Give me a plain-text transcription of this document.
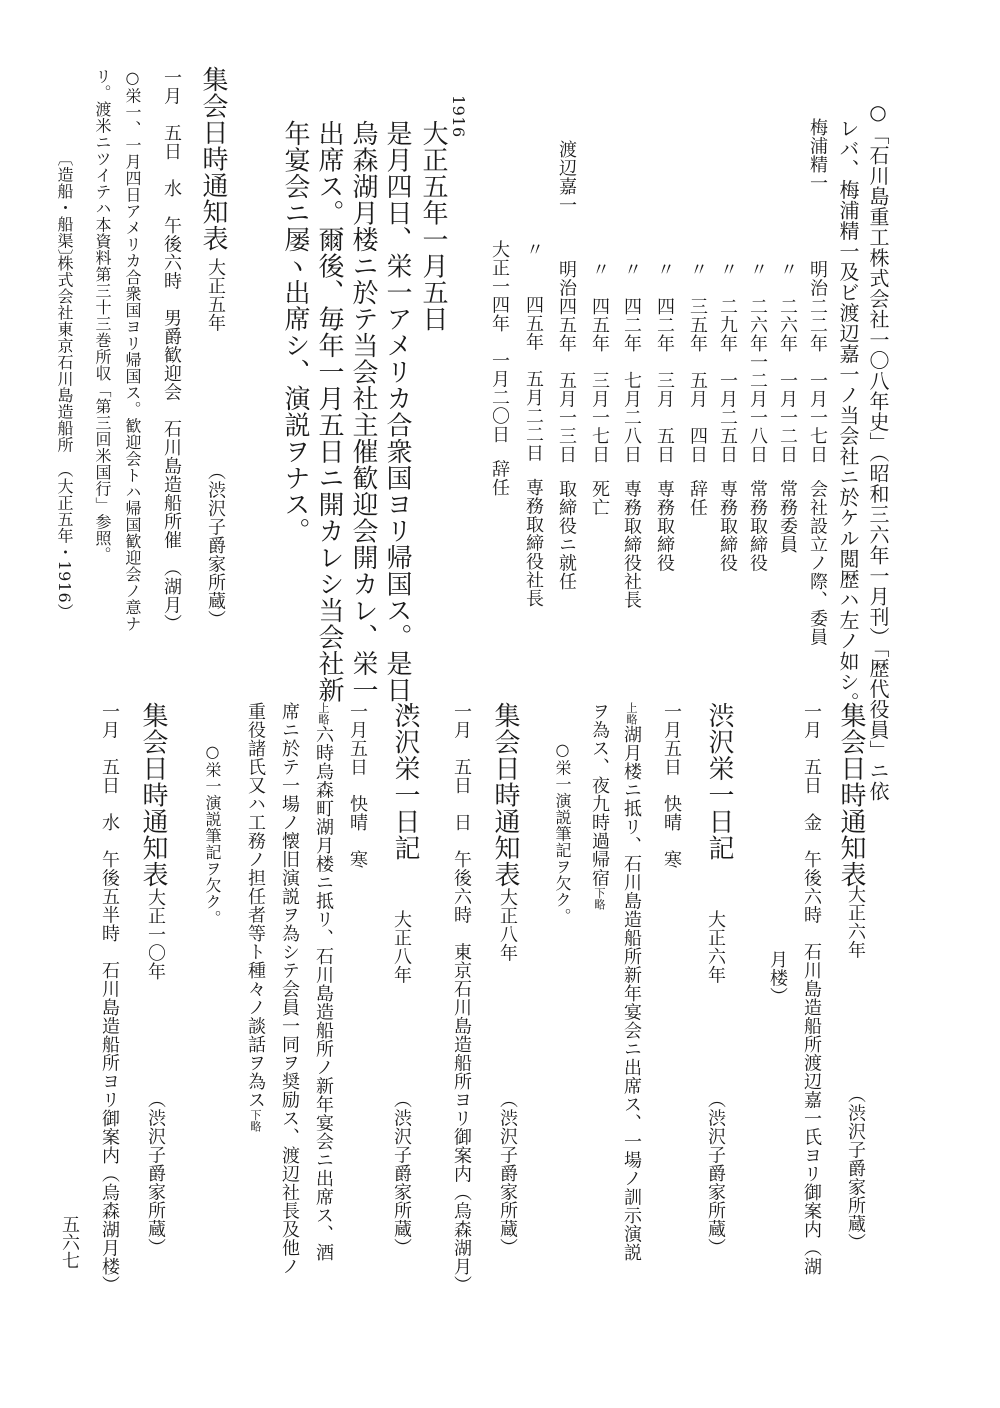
○「石川島重工株式会社一〇八年史」（昭和三六年一月刊）「歴代役員」ニ依
レバ、梅浦精一及ビ渡辺嘉一ノ当会社ニ於ケル閲歴ハ左ノ如シ。
梅浦精一
明治二二年　一月一七日会社設立ノ際、委員
〃　二六年　一月一二日常務委員
〃　二六年一二月一八日常務取締役
〃　二九年　一月二五日専務取締役
〃　三五年　五月　四日辞任
〃　四二年　三月　五日専務取締役
〃　四二年　七月二八日専務取締役社長
〃　四五年　三月一七日死亡
渡辺嘉一
明治四五年　五月一三日取締役ニ就任
〃　　四五年　五月二二日専務取締役社長
大正一四年　一月二〇日辞任
1916
大正五年一月五日
是月四日、栄一アメリカ合衆国ヨリ帰国ス。是日、
烏森湖月楼ニ於テ当会社主催歓迎会開カレ、栄一
出席ス。爾後、毎年一月五日ニ開カレシ当会社新
年宴会ニ屡ヽ出席シ、演説ヲナス。
集会日時通知表
大正五年
（渋沢子爵家所蔵）
一月　五日　水　午後六時　男爵歓迎会　石川島造船所催　（湖月）
○栄一、一月四日アメリカ合衆国ヨリ帰国ス。歓迎会トハ帰国歓迎会ノ意ナ
リ。渡米ニツイテハ本資料第三十三巻所収「第三回米国行」参照。
〔造船・船渠〕
株式会社東京石川島造船所　（大正五年・1916）
集会日時通知表
大正六年
（渋沢子爵家所蔵）
一月　五日　金　午後六時　石川島造船所渡辺嘉一氏ヨリ御案内（湖
月楼）
渋沢栄一日記
大正六年
（渋沢子爵家所蔵）
一月五日　快晴　寒
上略湖月楼ニ抵リ、石川島造船所新年宴会ニ出席ス、一場ノ訓示演説
ヲ為ス、夜九時過帰宿下略
○栄一演説筆記ヲ欠ク。
集会日時通知表
大正八年
（渋沢子爵家所蔵）
一月　五日　日　午後六時　東京石川島造船所ヨリ御案内（烏森湖月）
渋沢栄一日記
大正八年
（渋沢子爵家所蔵）
一月五日　快晴　寒
上略六時烏森町湖月楼ニ抵リ、石川島造船所ノ新年宴会ニ出席ス、酒
席ニ於テ一場ノ懐旧演説ヲ為シテ会員一同ヲ奨励ス、渡辺社長及他ノ
重役諸氏又ハ工務ノ担任者等ト種々ノ談話ヲ為ス下略
○栄一演説筆記ヲ欠ク。
集会日時通知表
大正一〇年
（渋沢子爵家所蔵）
一月　五日　水　午後五半時　石川島造船所ヨリ御案内（烏森湖月楼）
五六七
